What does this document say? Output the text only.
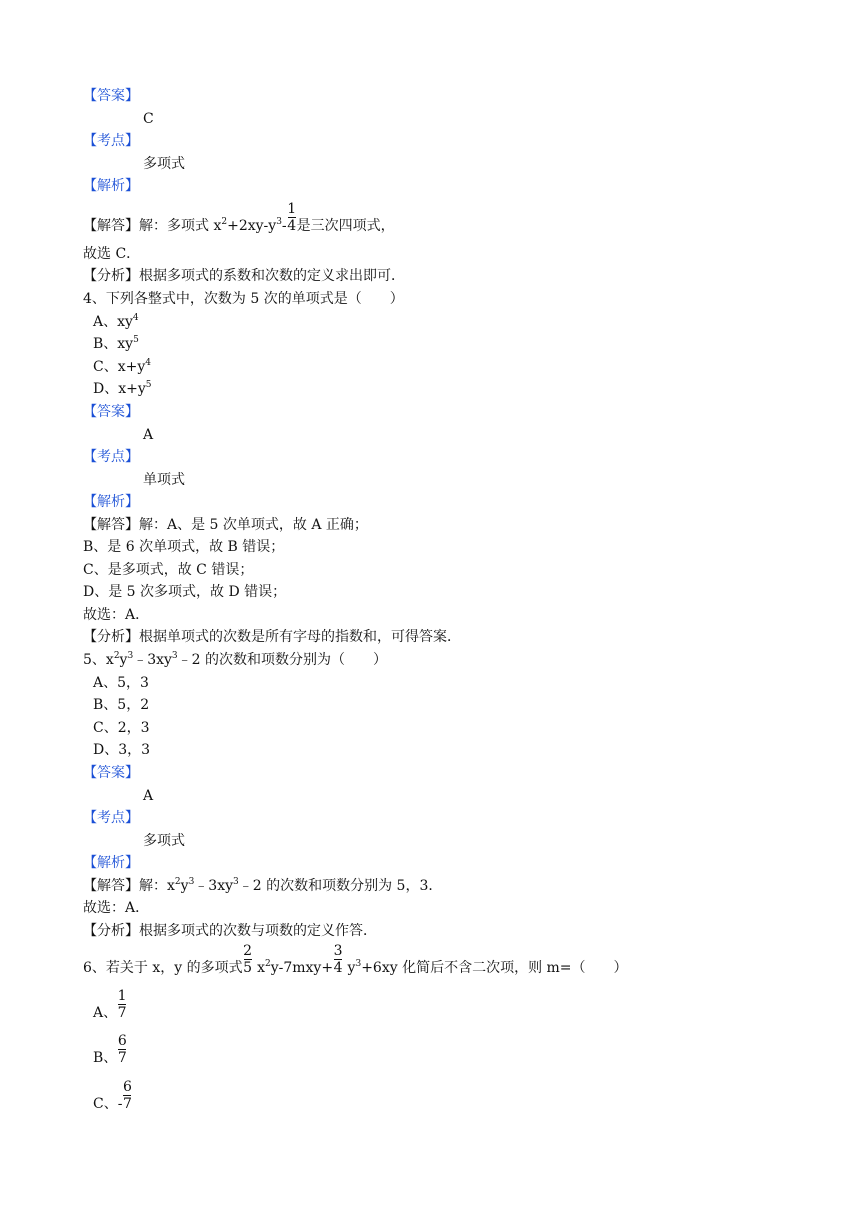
【答案】
C
【考点】
多项式
【解析】
【解答】解：多项式 $x^2+2xy-y^3- \frac{1}{4}$ 是三次四项式，
故选 C．
【分析】根据多项式的系数和次数的定义求出即可．
4、下列各整式中，次数为 5 次的单项式是（　　）
A、$xy^4$
B、$xy^5$
C、$x+y^4$
D、$x+y^5$
【答案】
A
【考点】
单项式
【解析】
【解答】解：A、是 5 次单项式，故 A 正确；
B、是 6 次单项式，故 B 错误；
C、是多项式，故 C 错误；
D、是 5 次多项式，故 D 错误；
故选：A．
【分析】根据单项式的次数是所有字母的指数和，可得答案．
5、$x^2y^3﹣3xy^3﹣2$ 的次数和项数分别为（　　）
A、5，3
B、5，2
C、2，3
D、3，3
【答案】
A
【考点】
多项式
【解析】
【解答】解：$x^2y^3﹣3xy^3﹣2$ 的次数和项数分别为 5，3．
故选：A．
【分析】根据多项式的次数与项数的定义作答．
6、若关于 x，y 的多项式 $\frac{2}{5} x^2y-7mxy+ \frac{3}{4} y^3+6xy$ 化简后不含二次项，则 m=（　　）
A、 $\frac{1}{7}$
B、 $\frac{6}{7}$
C、- $\frac{6}{7}$
